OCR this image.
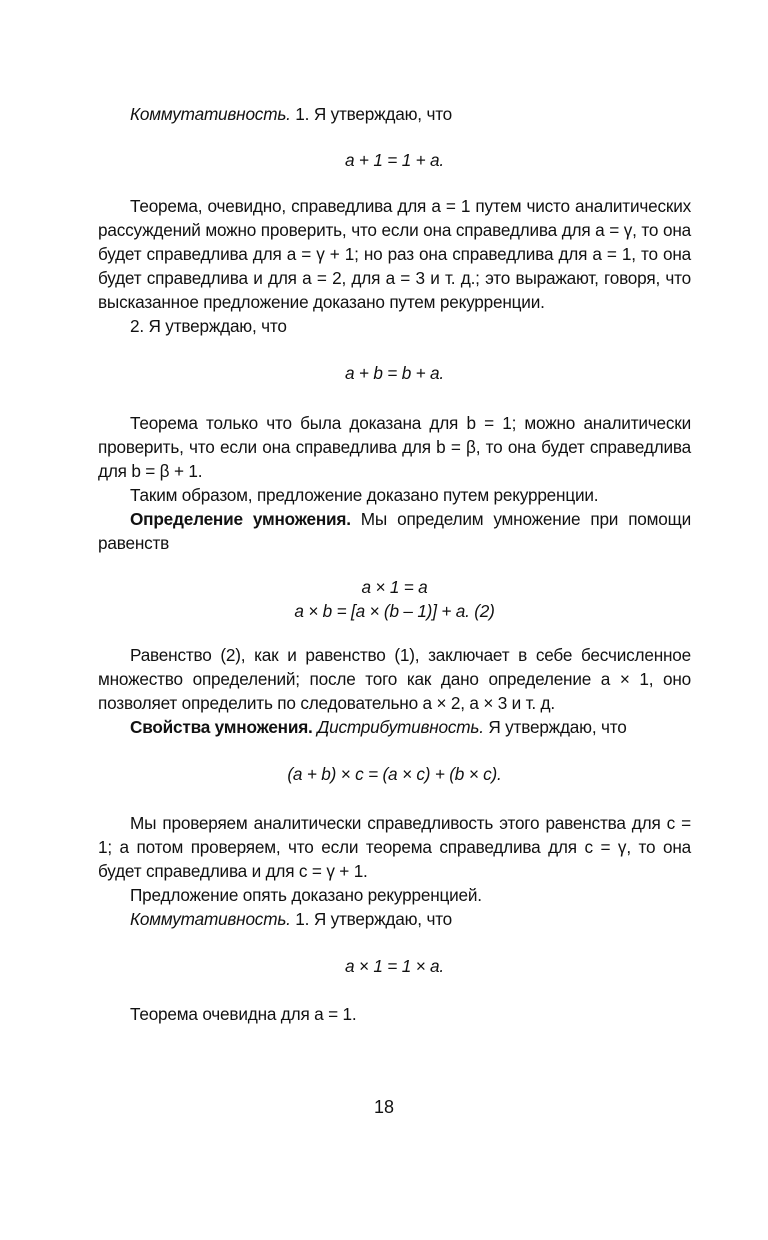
Коммутативность. 1. Я утверждаю, что

a + 1 = 1 + a.

Теорема, очевидно, справедлива для a = 1 путем чисто аналитических рассуждений можно проверить, что если она справедлива для a = γ, то она будет справедлива для a = γ + 1; но раз она справедлива для a = 1, то она будет справедлива и для a = 2, для a = 3 и т. д.; это выражают, говоря, что высказанное предложение доказано путем рекурренции.

2. Я утверждаю, что

a + b = b + a.

Теорема только что была доказана для b = 1; можно аналитически проверить, что если она справедлива для b = β, то она будет справедлива для b = β + 1.

Таким образом, предложение доказано путем рекурренции.

Определение умножения. Мы определим умножение при помощи равенств

a × 1 = a

a × b = [a × (b – 1)] + a. (2)

Равенство (2), как и равенство (1), заключает в себе бесчисленное множество определений; после того как дано определение a × 1, оно позволяет определить по следовательно a × 2, a × 3 и т. д.

Свойства умножения. Дистрибутивность. Я утверждаю, что

(a + b) × c = (a × c) + (b × c).

Мы проверяем аналитически справедливость этого равенства для c = 1; а потом проверяем, что если теорема справедлива для c = γ, то она будет справедлива и для c = γ + 1.

Предложение опять доказано рекурренцией.

Коммутативность. 1. Я утверждаю, что

a × 1 = 1 × a.

Теорема очевидна для a = 1.

18
